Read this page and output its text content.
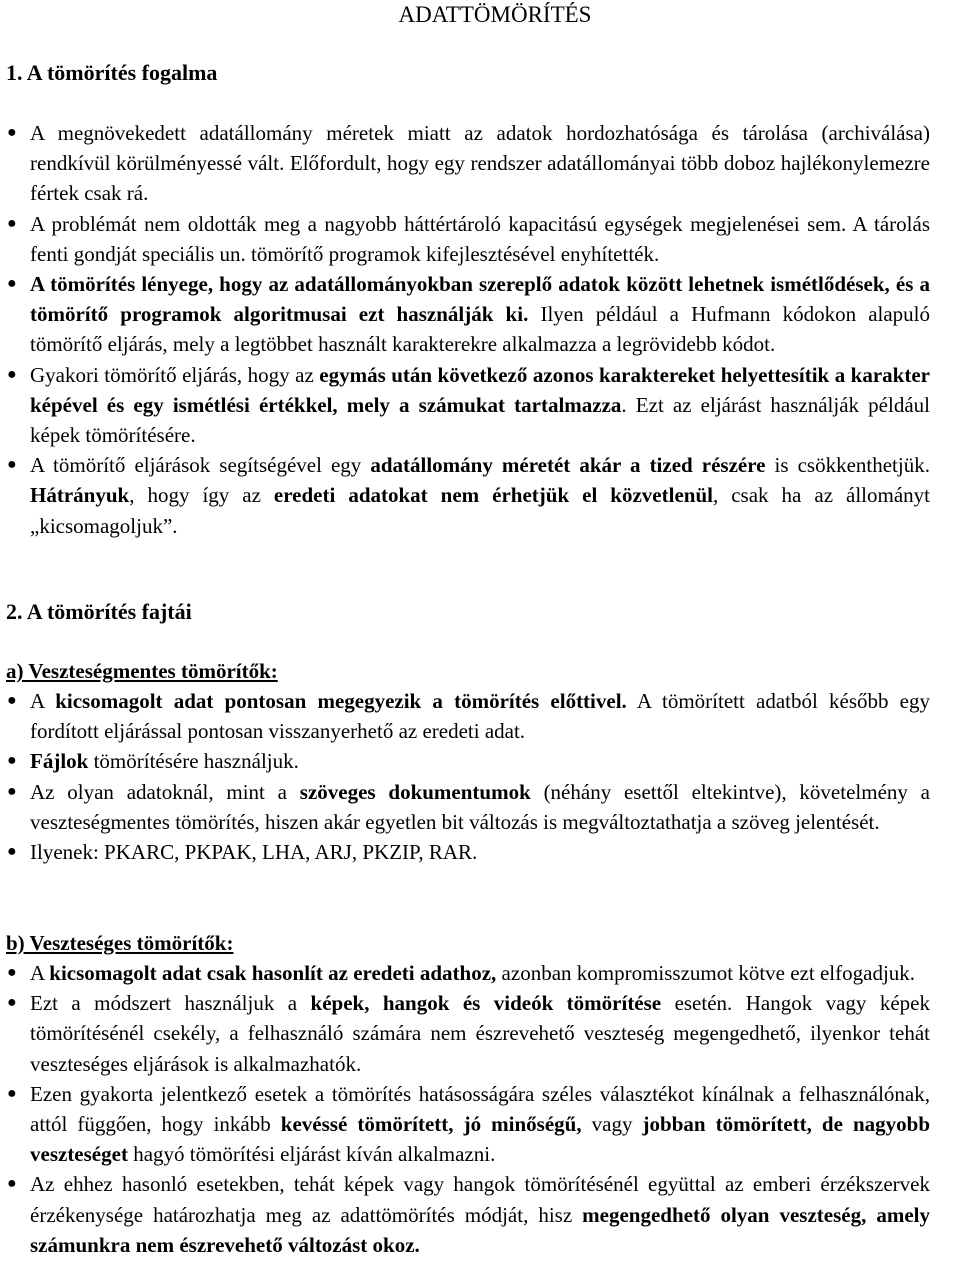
ADATTÖMÖRÍTÉS
1. A tömörítés fogalma
● A megnövekedett adatállomány méretek miatt az adatok hordozhatósága és tárolása (archiválása) rendkívül körülményessé vált. Előfordult, hogy egy rendszer adatállományai több doboz hajlékonylemezre fértek csak rá.
● A problémát nem oldották meg a nagyobb háttértároló kapacitású egységek megjelenései sem. A tárolás fenti gondját speciális un. tömörítő programok kifejlesztésével enyhítették.
● A tömörítés lényege, hogy az adatállományokban szereplő adatok között lehetnek ismétlődések, és a tömörítő programok algoritmusai ezt használják ki. Ilyen például a Hufmann kódokon alapuló tömörítő eljárás, mely a legtöbbet használt karakterekre alkalmazza a legrövidebb kódot.
● Gyakori tömörítő eljárás, hogy az egymás után következő azonos karaktereket helyettesítik a karakter képével és egy ismétlési értékkel, mely a számukat tartalmazza. Ezt az eljárást használják például képek tömörítésére.
● A tömörítő eljárások segítségével egy adatállomány méretét akár a tized részére is csökkenthetjük. Hátrányuk, hogy így az eredeti adatokat nem érhetjük el közvetlenül, csak ha az állományt „kicsomagoljuk”.
2. A tömörítés fajtái
a) Veszteségmentes tömörítők:
● A kicsomagolt adat pontosan megegyezik a tömörítés előttivel. A tömörített adatból később egy fordított eljárással pontosan visszanyerhető az eredeti adat.
● Fájlok tömörítésére használjuk.
● Az olyan adatoknál, mint a szöveges dokumentumok (néhány esettől eltekintve), követelmény a veszteségmentes tömörítés, hiszen akár egyetlen bit változás is megváltoztathatja a szöveg jelentését.
● Ilyenek: PKARC, PKPAK, LHA, ARJ, PKZIP, RAR.
b) Veszteséges tömörítők:
● A kicsomagolt adat csak hasonlít az eredeti adathoz, azonban kompromisszumot kötve ezt elfogadjuk.
● Ezt a módszert használjuk a képek, hangok és videók tömörítése esetén. Hangok vagy képek tömörítésénél csekély, a felhasználó számára nem észrevehető veszteség megengedhető, ilyenkor tehát veszteséges eljárások is alkalmazhatók.
● Ezen gyakorta jelentkező esetek a tömörítés hatásosságára széles választékot kínálnak a felhasználónak, attól függően, hogy inkább kevéssé tömörített, jó minőségű, vagy jobban tömörített, de nagyobb veszteséget hagyó tömörítési eljárást kíván alkalmazni.
● Az ehhez hasonló esetekben, tehát képek vagy hangok tömörítésénél együttal az emberi érzékszervek érzékenysége határozhatja meg az adattömörítés módját, hisz megengedhető olyan veszteség, amely számunkra nem észrevehető változást okoz.
